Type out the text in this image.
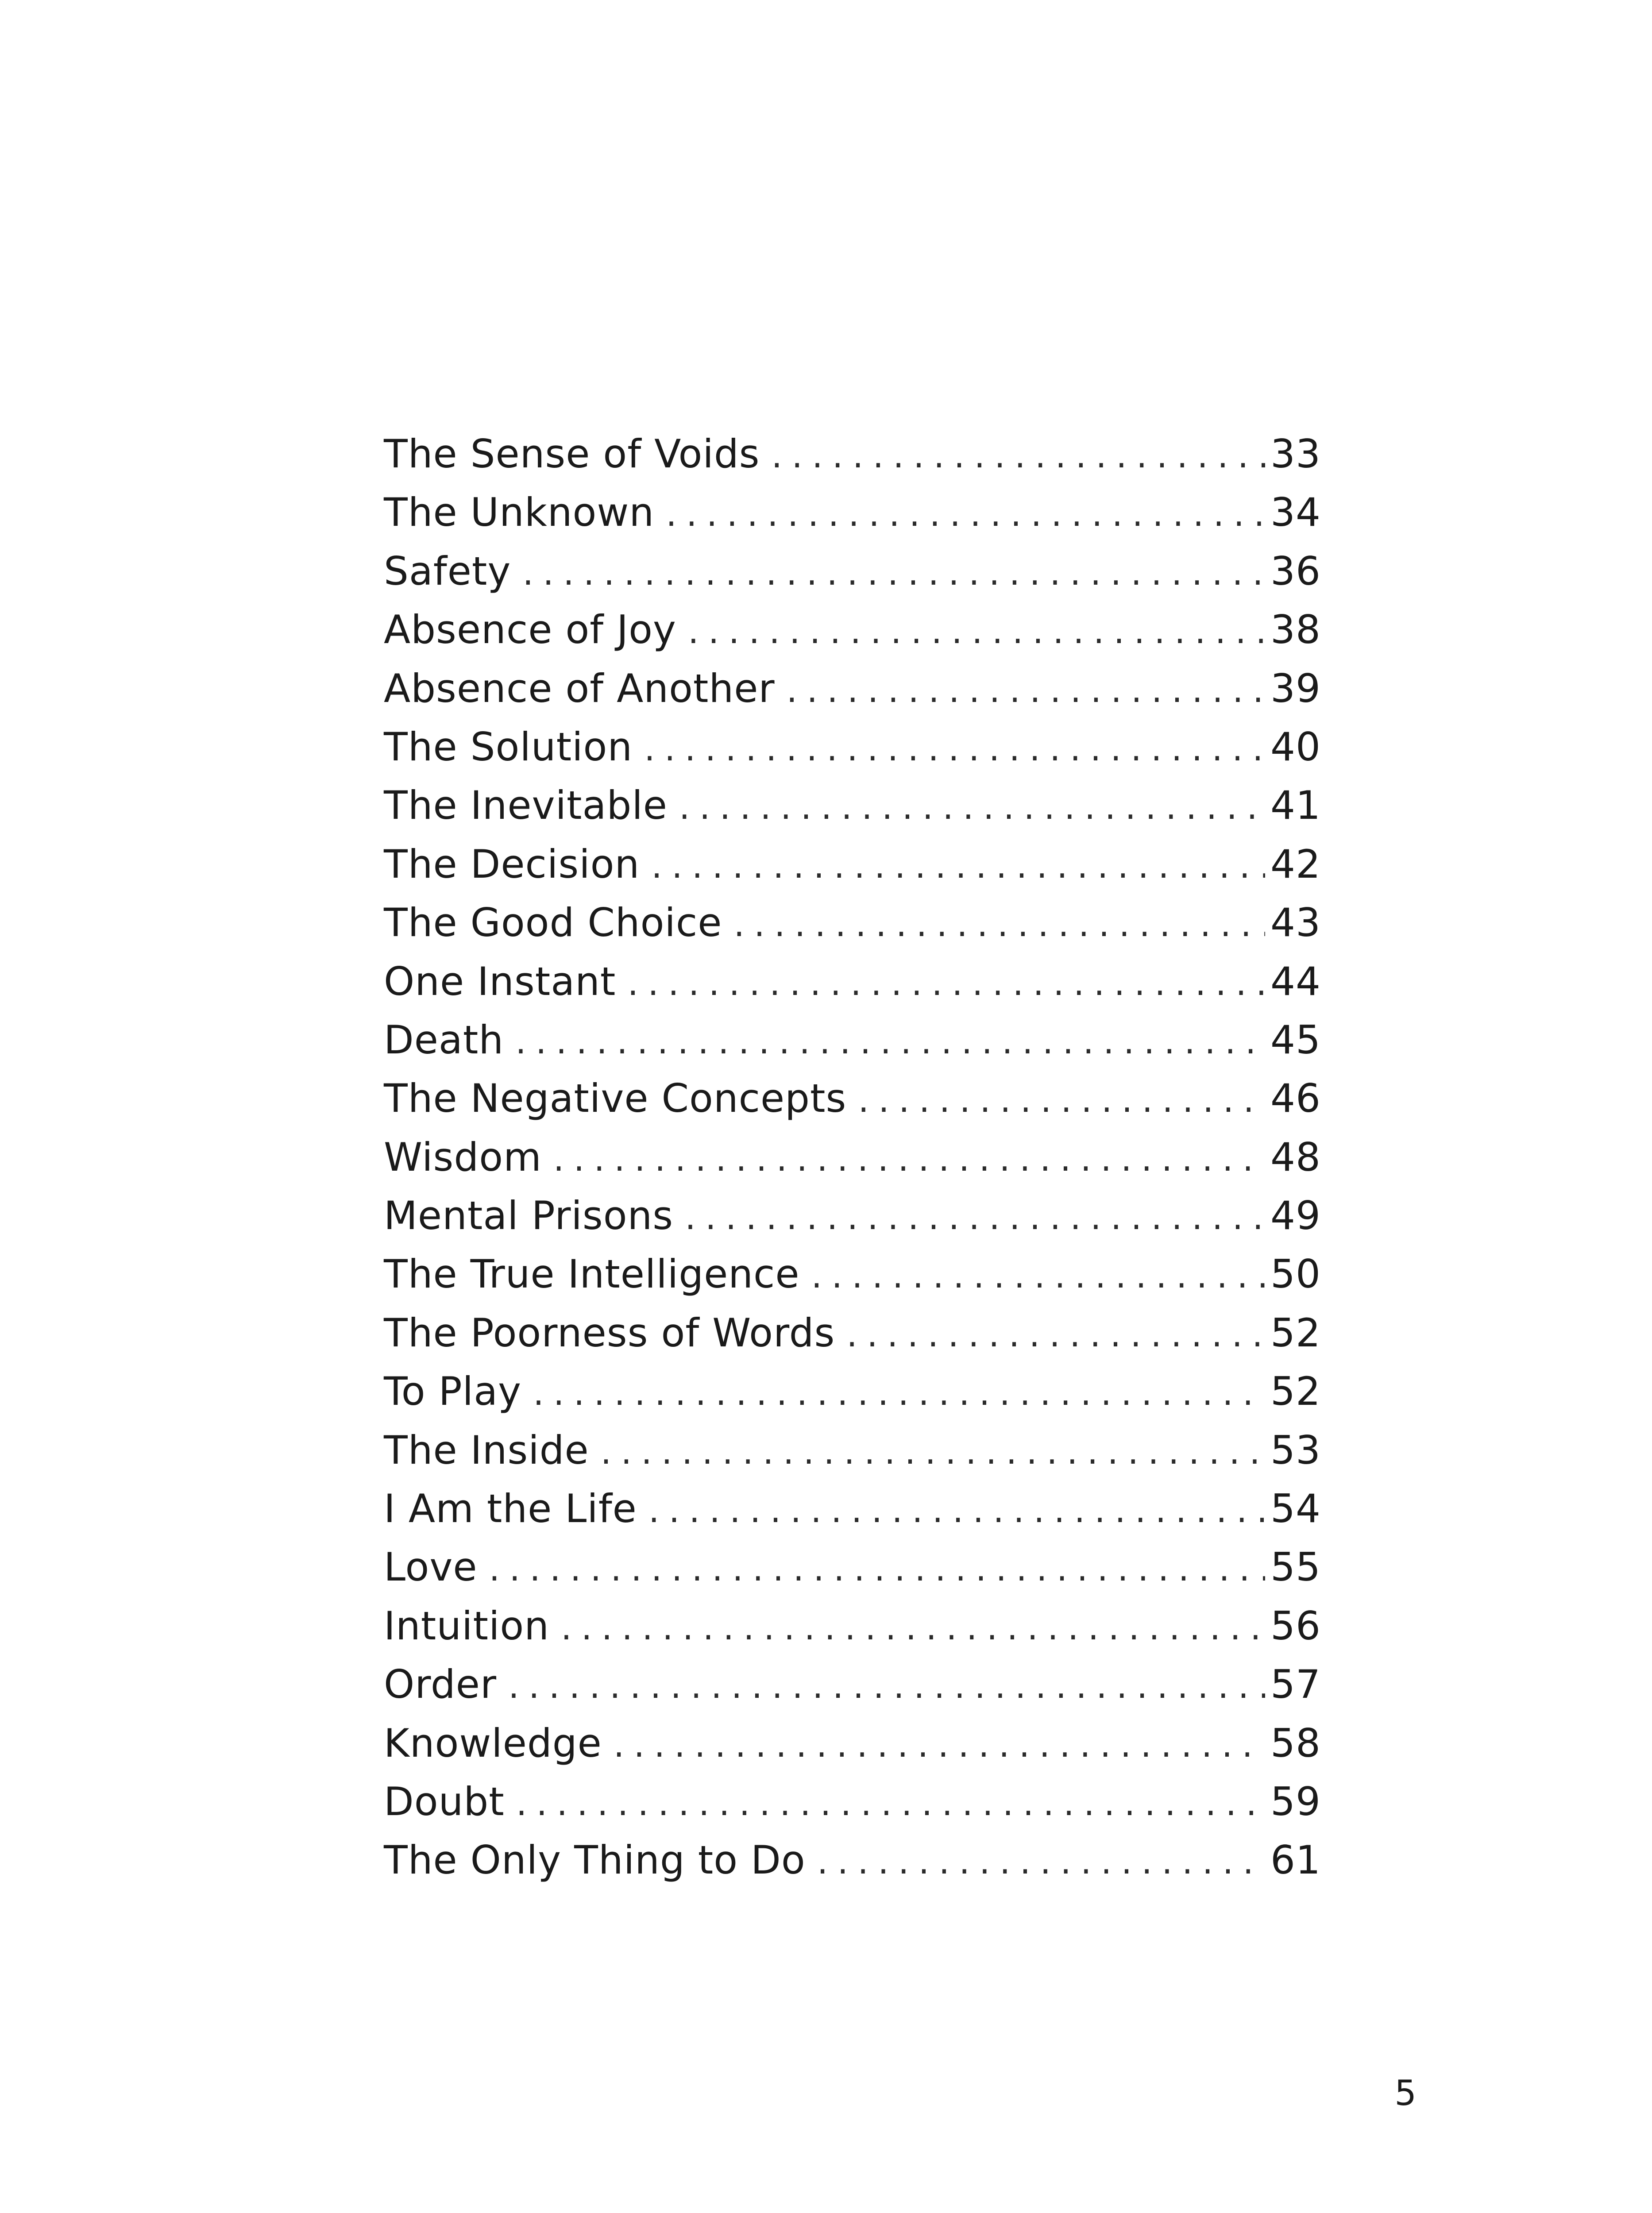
The Sense of Voids .....	33
The Unknown .....	34
Safety .....	36
Absence of Joy .....	38
Absence of Another .....	39
The Solution .....	40
The Inevitable .....	41
The Decision .....	42
The Good Choice .....	43
One Instant .....	44
Death .....	45
The Negative Concepts .....	46
Wisdom .....	48
Mental Prisons .....	49
The True Intelligence .....	50
The Poorness of Words .....	52
To Play .....	52
The Inside .....	53
I Am the Life .....	54
Love .....	55
Intuition .....	56
Order .....	57
Knowledge .....	58
Doubt .....	59
The Only Thing to Do .....	61
5
